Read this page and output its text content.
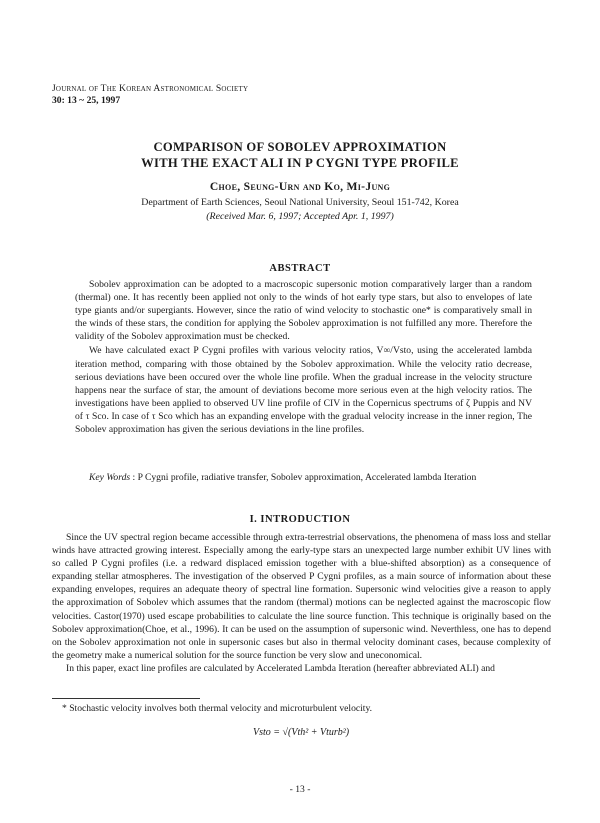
Journal of The Korean Astronomical Society
30: 13 ~ 25, 1997
COMPARISON OF SOBOLEV APPROXIMATION
WITH THE EXACT ALI IN P CYGNI TYPE PROFILE
Choe, Seung-Urn and Ko, Mi-Jung
Department of Earth Sciences, Seoul National University, Seoul 151-742, Korea
(Received Mar. 6, 1997; Accepted Apr. 1, 1997)
ABSTRACT

Sobolev approximation can be adopted to a macroscopic supersonic motion comparatively larger than a random (thermal) one. It has recently been applied not only to the winds of hot early type stars, but also to envelopes of late type giants and/or supergiants. However, since the ratio of wind velocity to stochastic one* is comparatively small in the winds of these stars, the condition for applying the Sobolev approximation is not fulfilled any more. Therefore the validity of the Sobolev approximation must be checked.

We have calculated exact P Cygni profiles with various velocity ratios, V∞/Vsto, using the accelerated lambda iteration method, comparing with those obtained by the Sobolev approximation. While the velocity ratio decrease, serious deviations have been occured over the whole line profile. When the gradual increase in the velocity structure happens near the surface of star, the amount of deviations become more serious even at the high velocity ratios. The investigations have been applied to observed UV line profile of CIV in the Copernicus spectrums of ζ Puppis and NV of τ Sco. In case of τ Sco which has an expanding envelope with the gradual velocity increase in the inner region, The Sobolev approximation has given the serious deviations in the line profiles.

Key Words : P Cygni profile, radiative transfer, Sobolev approximation, Accelerated lambda Iteration
I. INTRODUCTION

Since the UV spectral region became accessible through extra-terrestrial observations, the phenomena of mass loss and stellar winds have attracted growing interest. Especially among the early-type stars an unexpected large number exhibit UV lines with so called P Cygni profiles (i.e. a redward displaced emission together with a blue-shifted absorption) as a consequence of expanding stellar atmospheres. The investigation of the observed P Cygni profiles, as a main source of information about these expanding envelopes, requires an adequate theory of spectral line formation. Supersonic wind velocities give a reason to apply the approximation of Sobolev which assumes that the random (thermal) motions can be neglected against the macroscopic flow velocities. Castor(1970) used escape probabilities to calculate the line source function. This technique is originally based on the Sobolev approximation(Choe, et al., 1996). It can be used on the assumption of supersonic wind. Neverthless, one has to depend on the Sobolev approximation not onle in supersonic cases but also in thermal velocity dominant cases, because complexity of the geometry make a numerical solution for the source function be very slow and uneconomical.

In this paper, exact line profiles are calculated by Accelerated Lambda Iteration (hereafter abbreviated ALI) and

* Stochastic velocity involves both thermal velocity and microturbulent velocity.
Vsto = √(Vth² + Vturb²)
- 13 -
